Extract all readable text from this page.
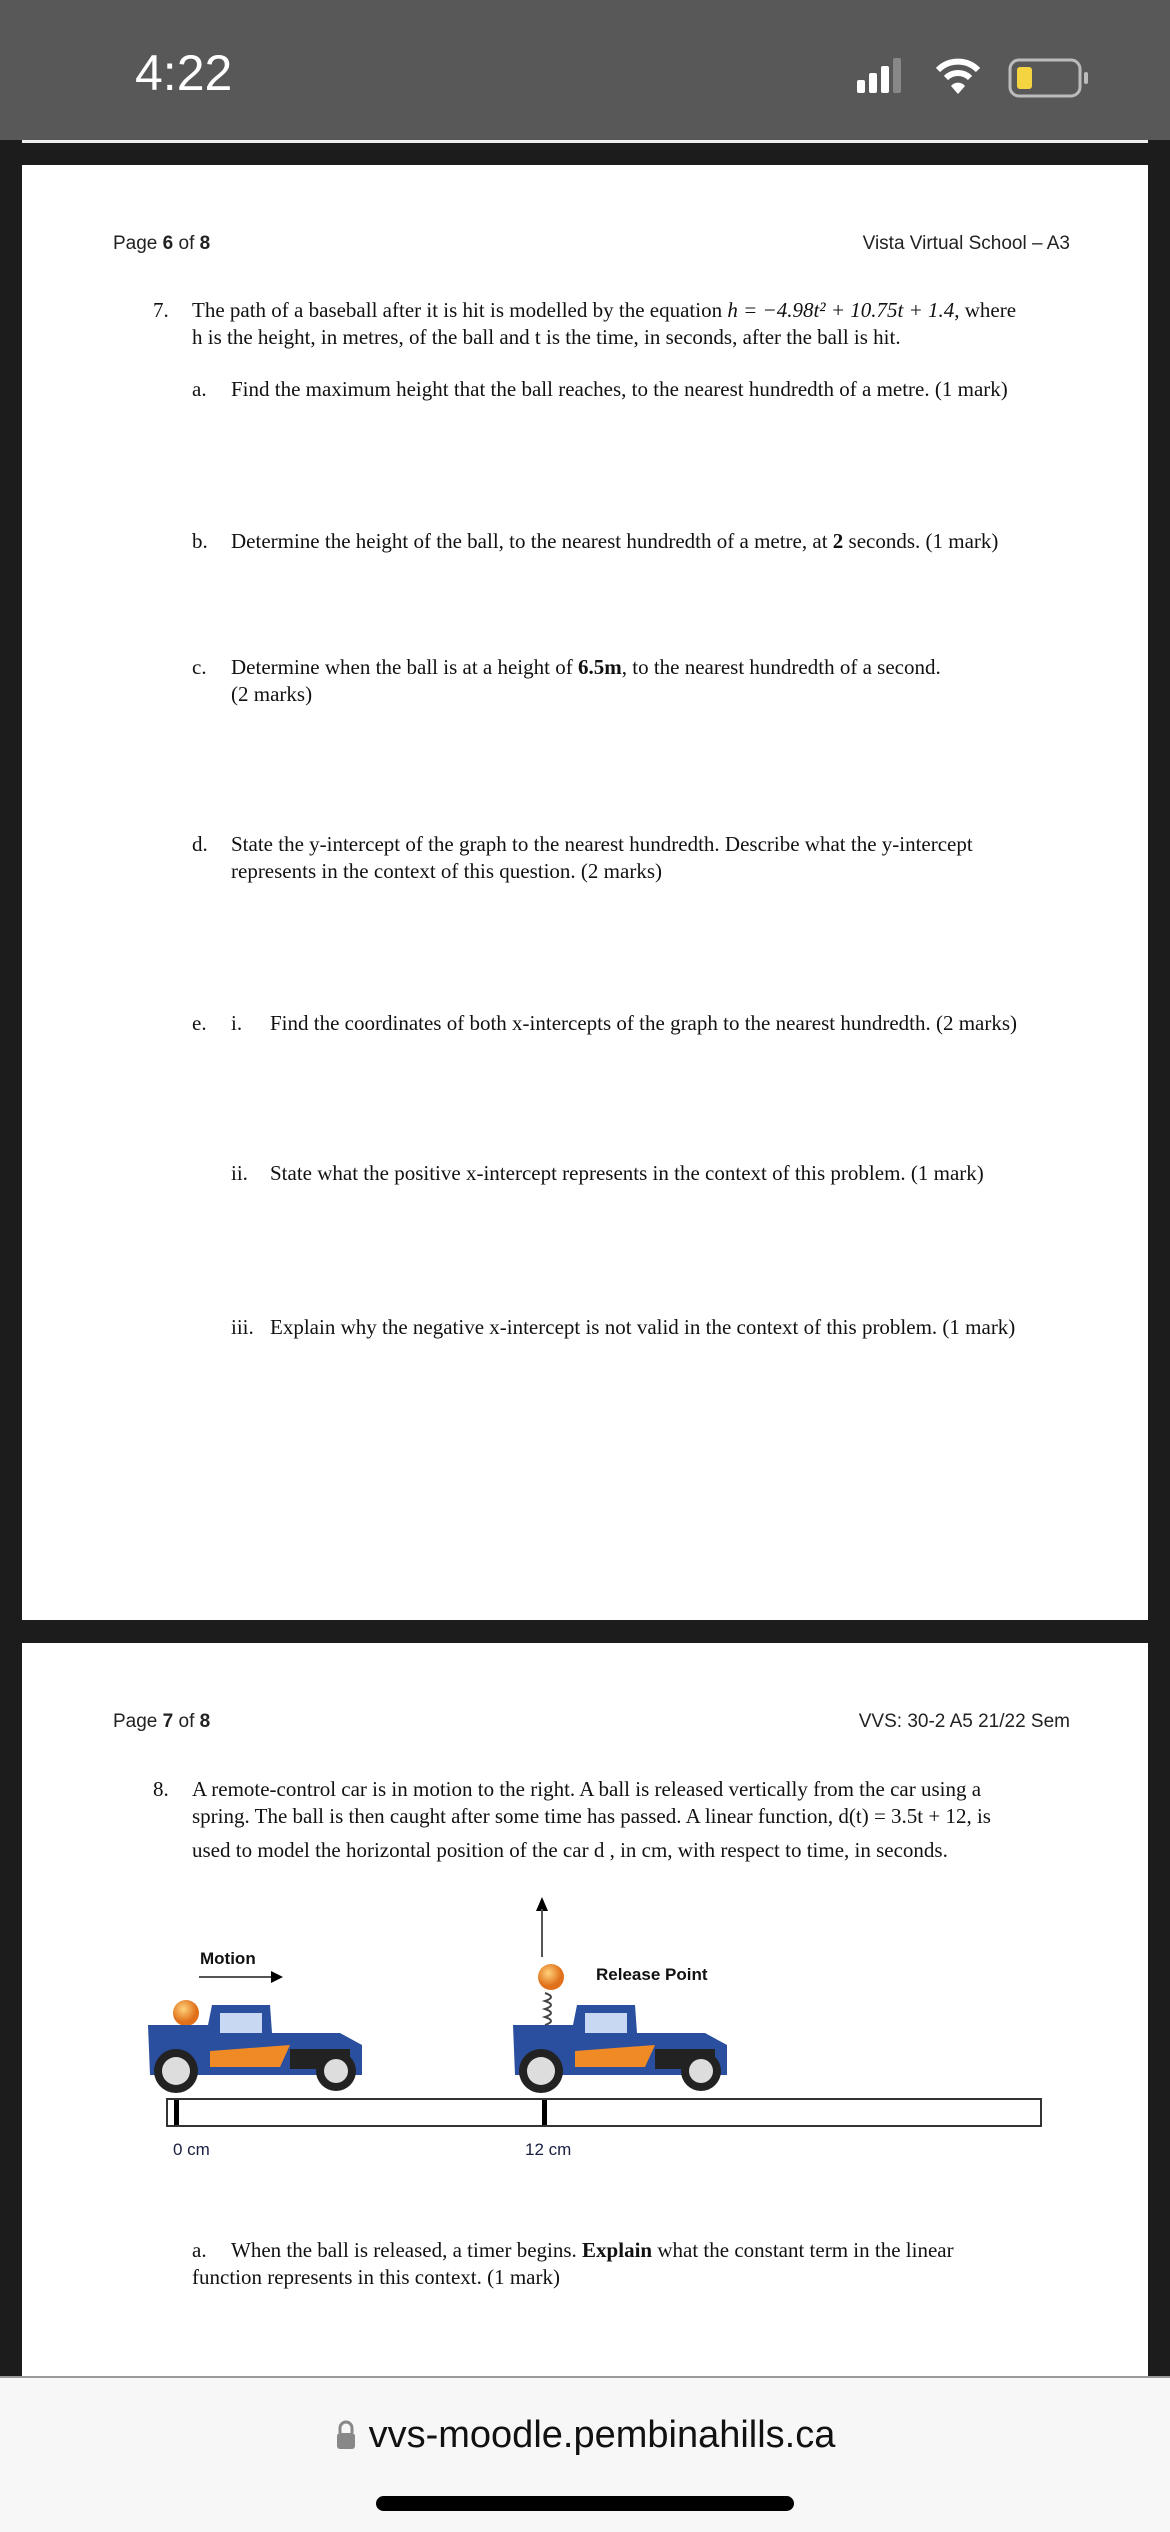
4:22
Page 6 of 8	Vista Virtual School – A3
7. The path of a baseball after it is hit is modelled by the equation h = −4.98t² + 10.75t + 1.4, where
h is the height, in metres, of the ball and t is the time, in seconds, after the ball is hit.
a. Find the maximum height that the ball reaches, to the nearest hundredth of a metre. (1 mark)
b. Determine the height of the ball, to the nearest hundredth of a metre, at 2 seconds. (1 mark)
c. Determine when the ball is at a height of 6.5m, to the nearest hundredth of a second.
(2 marks)
d. State the y-intercept of the graph to the nearest hundredth. Describe what the y-intercept
represents in the context of this question. (2 marks)
e. i. Find the coordinates of both x-intercepts of the graph to the nearest hundredth. (2 marks)
ii. State what the positive x-intercept represents in the context of this problem. (1 mark)
iii. Explain why the negative x-intercept is not valid in the context of this problem. (1 mark)
Page 7 of 8	VVS: 30-2 A5 21/22 Sem
8. A remote-control car is in motion to the right. A ball is released vertically from the car using a
spring. The ball is then caught after some time has passed. A linear function, d(t) = 3.5t + 12, is
used to model the horizontal position of the car d , in cm, with respect to time, in seconds.
Motion
Release Point
0 cm	12 cm
a. When the ball is released, a timer begins. Explain what the constant term in the linear
function represents in this context. (1 mark)
vvs-moodle.pembinahills.ca
